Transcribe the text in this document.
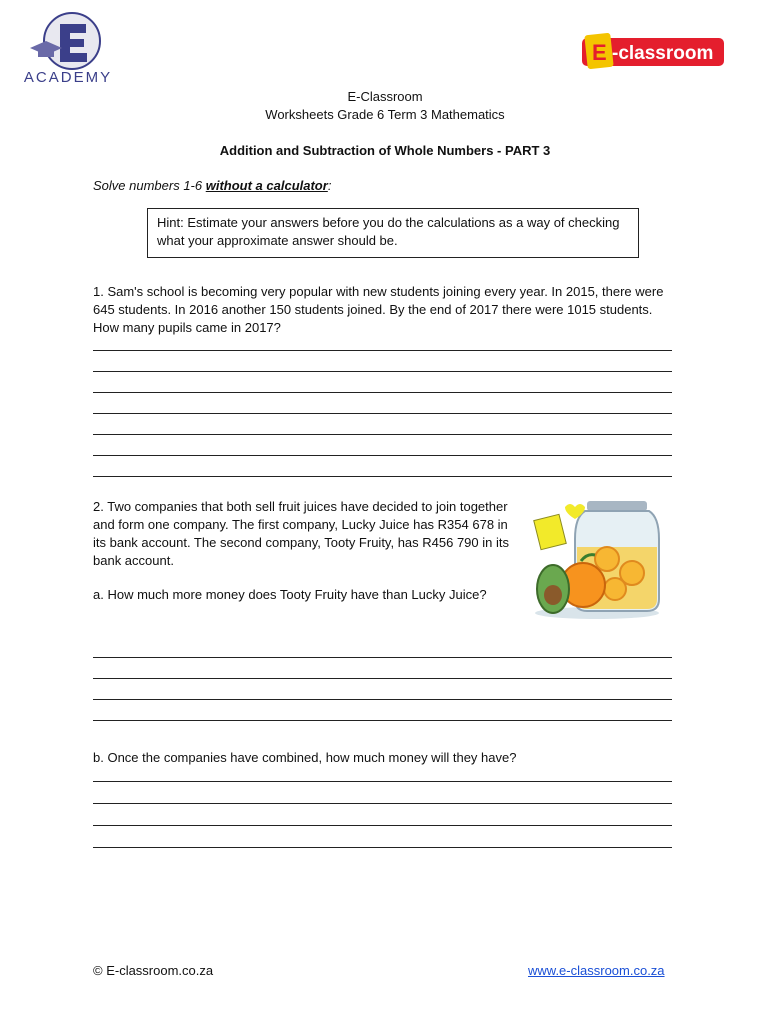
ACADEMY
E -classroom
E-Classroom
Worksheets Grade 6 Term 3 Mathematics
Addition and Subtraction of Whole Numbers - PART 3
Solve numbers 1-6 without a calculator:
Hint: Estimate your answers before you do the calculations as a way of checking what your approximate answer should be.
1. Sam's school is becoming very popular with new students joining every year. In 2015, there were 645 students. In 2016 another 150 students joined. By the end of 2017 there were 1015 students. How many pupils came in 2017?
2. Two companies that both sell fruit juices have decided to join together and form one company. The first company, Lucky Juice has R354 678 in its bank account. The second company, Tooty Fruity, has R456 790 in its bank account.
a. How much more money does Tooty Fruity have than Lucky Juice?
b. Once the companies have combined, how much money will they have?
© E-classroom.co.za	www.e-classroom.co.za
